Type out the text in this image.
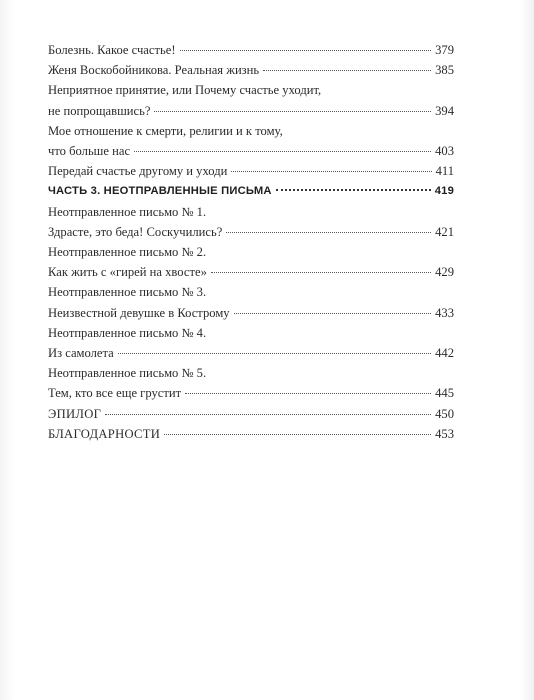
Болезнь. Какое счастье!	379
Женя Воскобойникова. Реальная жизнь	385
Неприятное принятие, или Почему счастье уходит,
не попрощавшись?	394
Мое отношение к смерти, религии и к тому,
что больше нас	403
Передай счастье другому и уходи	411
ЧАСТЬ 3. НЕОТПРАВЛЕННЫЕ ПИСЬМА	419
Неотправленное письмо № 1.
Здрасте, это беда! Соскучились?	421
Неотправленное письмо № 2.
Как жить с «гирей на хвосте»	429
Неотправленное письмо № 3.
Неизвестной девушке в Кострому	433
Неотправленное письмо № 4.
Из самолета	442
Неотправленное письмо № 5.
Тем, кто все еще грустит	445
ЭПИЛОГ	450
БЛАГОДАРНОСТИ	453
